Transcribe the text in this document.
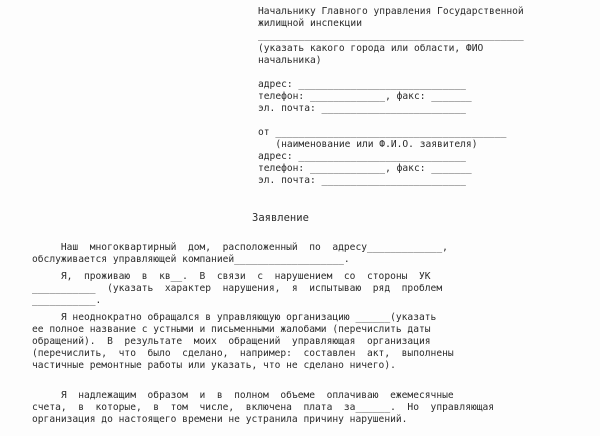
Начальнику Главного управления Государственной
жилищной инспекции
______________________________________________
(указать какого города или области, ФИО
начальника)
адрес: _____________________________
телефон: _____________, факс: _______
эл. почта: _________________________
от ________________________________________
(наименование или Ф.И.О. заявителя)
адрес: _____________________________
телефон: _____________, факс: _______
эл. почта: _________________________
Заявление
Наш  многоквартирный  дом,  расположенный  по  адресу_____________,
обслуживается управляющей компанией___________________.
Я,  проживаю  в  кв__.  В  связи  с  нарушением  со  стороны  УК
___________  (указать  характер  нарушения,  я  испытываю  ряд  проблем
___________.
Я неоднократно обращался в управляющую организацию ______(указать
ее полное название с устными и письменными жалобами (перечислить даты
обращений).  В  результате  моих  обращений  управляющая  организация
(перечислить,  что  было  сделано,  например:  составлен  акт,  выполнены
частичные ремонтные работы или указать, что не сделано ничего).
Я  надлежащим  образом  и  в  полном  объеме  оплачиваю  ежемесячные
счета,  в  которые,  в  том  числе,  включена  плата  за______.  Но  управляющая
организация до настоящего времени не устранила причину нарушений.
